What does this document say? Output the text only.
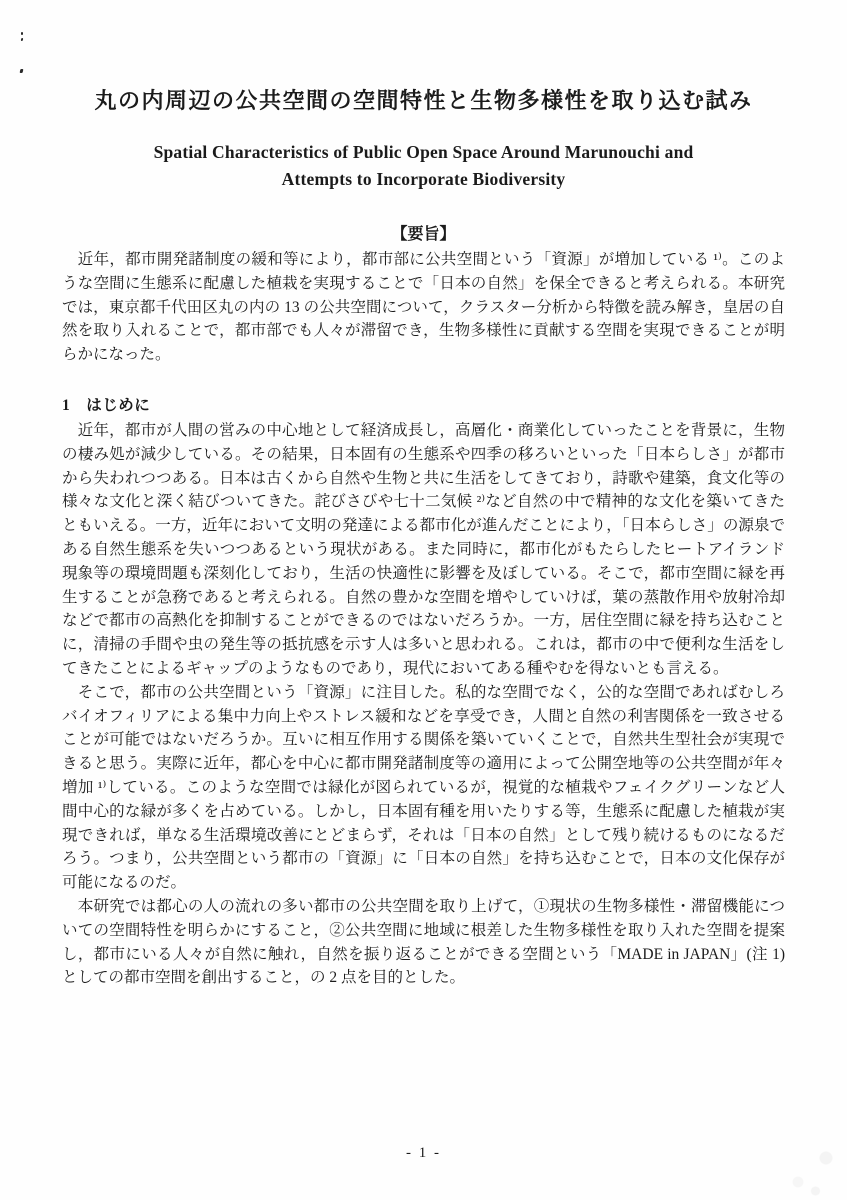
丸の内周辺の公共空間の空間特性と生物多様性を取り込む試み
Spatial Characteristics of Public Open Space Around Marunouchi and
Attempts to Incorporate Biodiversity
【要旨】

　近年，都市開発諸制度の緩和等により，都市部に公共空間という「資源」が増加している ¹⁾。このような空間に生態系に配慮した植栽を実現することで「日本の自然」を保全できると考えられる。本研究では，東京都千代田区丸の内の 13 の公共空間について，クラスター分析から特徴を読み解き，皇居の自然を取り入れることで，都市部でも人々が滞留でき，生物多様性に貢献する空間を実現できることが明らかになった。

1　はじめに

　近年，都市が人間の営みの中心地として経済成長し，高層化・商業化していったことを背景に，生物の棲み処が減少している。その結果，日本固有の生態系や四季の移ろいといった「日本らしさ」が都市から失われつつある。日本は古くから自然や生物と共に生活をしてきており，詩歌や建築，食文化等の様々な文化と深く結びついてきた。詫びさびや七十二気候 ²⁾など自然の中で精神的な文化を築いてきたともいえる。一方，近年において文明の発達による都市化が進んだことにより，「日本らしさ」の源泉である自然生態系を失いつつあるという現状がある。また同時に，都市化がもたらしたヒートアイランド現象等の環境問題も深刻化しており，生活の快適性に影響を及ぼしている。そこで，都市空間に緑を再生することが急務であると考えられる。自然の豊かな空間を増やしていけば，葉の蒸散作用や放射冷却などで都市の高熱化を抑制することができるのではないだろうか。一方，居住空間に緑を持ち込むことに，清掃の手間や虫の発生等の抵抗感を示す人は多いと思われる。これは，都市の中で便利な生活をしてきたことによるギャップのようなものであり，現代においてある種やむを得ないとも言える。

　そこで，都市の公共空間という「資源」に注目した。私的な空間でなく，公的な空間であればむしろバイオフィリアによる集中力向上やストレス緩和などを享受でき，人間と自然の利害関係を一致させることが可能ではないだろうか。互いに相互作用する関係を築いていくことで，自然共生型社会が実現できると思う。実際に近年，都心を中心に都市開発諸制度等の適用によって公開空地等の公共空間が年々増加 ¹⁾している。このような空間では緑化が図られているが，視覚的な植栽やフェイクグリーンなど人間中心的な緑が多くを占めている。しかし，日本固有種を用いたりする等，生態系に配慮した植栽が実現できれば，単なる生活環境改善にとどまらず，それは「日本の自然」として残り続けるものになるだろう。つまり，公共空間という都市の「資源」に「日本の自然」を持ち込むことで，日本の文化保存が可能になるのだ。

　本研究では都心の人の流れの多い都市の公共空間を取り上げて，①現状の生物多様性・滞留機能についての空間特性を明らかにすること，②公共空間に地域に根差した生物多様性を取り入れた空間を提案し，都市にいる人々が自然に触れ，自然を振り返ることができる空間という「MADE in JAPAN」(注 1) としての都市空間を創出すること，の 2 点を目的とした。

- 1 -
